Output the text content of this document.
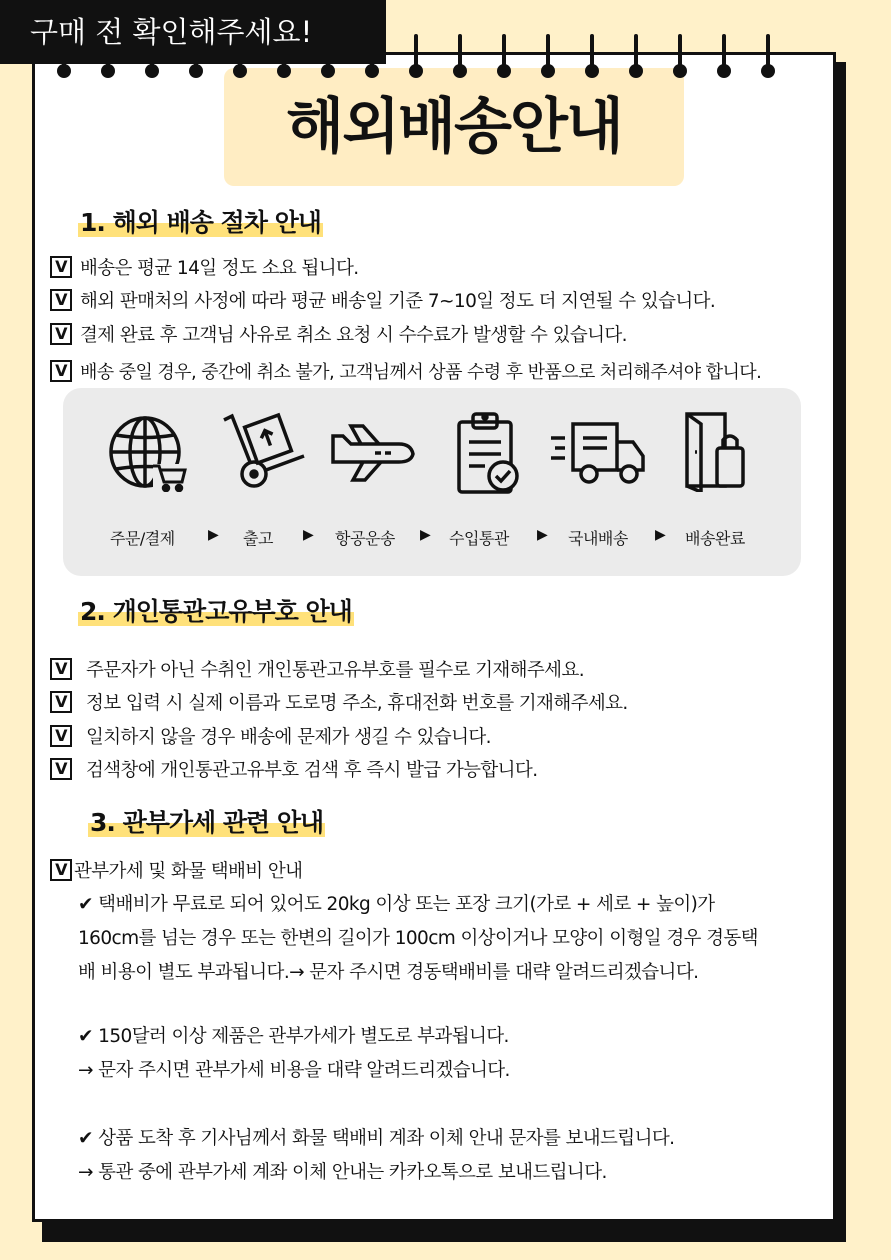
구매 전 확인해주세요!
해외배송안내
1. 해외 배송 절차 안내
V 배송은 평균 14일 정도 소요 됩니다.
V 해외 판매처의 사정에 따라 평균 배송일 기준 7~10일 정도 더 지연될 수 있습니다.
V 결제 완료 후 고객님 사유로 취소 요청 시 수수료가 발생할 수 있습니다.
V 배송 중일 경우, 중간에 취소 불가, 고객님께서 상품 수령 후 반품으로 처리해주셔야 합니다.
주문/결제 ▶ 출고 ▶ 항공운송 ▶ 수입통관 ▶ 국내배송 ▶ 배송완료
2. 개인통관고유부호 안내
V 주문자가 아닌 수취인 개인통관고유부호를 필수로 기재해주세요.
V 정보 입력 시 실제 이름과 도로명 주소, 휴대전화 번호를 기재해주세요.
V 일치하지 않을 경우 배송에 문제가 생길 수 있습니다.
V 검색창에 개인통관고유부호 검색 후 즉시 발급 가능합니다.
3. 관부가세 관련 안내
V 관부가세 및 화물 택배비 안내
✔ 택배비가 무료로 되어 있어도 20kg 이상 또는 포장 크기(가로 + 세로 + 높이)가
160cm를 넘는 경우 또는 한변의 길이가 100cm 이상이거나 모양이 이형일 경우 경동택
배 비용이 별도 부과됩니다.→ 문자 주시면 경동택배비를 대략 알려드리겠습니다.
✔ 150달러 이상 제품은 관부가세가 별도로 부과됩니다.
→ 문자 주시면 관부가세 비용을 대략 알려드리겠습니다.
✔ 상품 도착 후 기사님께서 화물 택배비 계좌 이체 안내 문자를 보내드립니다.
→ 통관 중에 관부가세 계좌 이체 안내는 카카오톡으로 보내드립니다.
